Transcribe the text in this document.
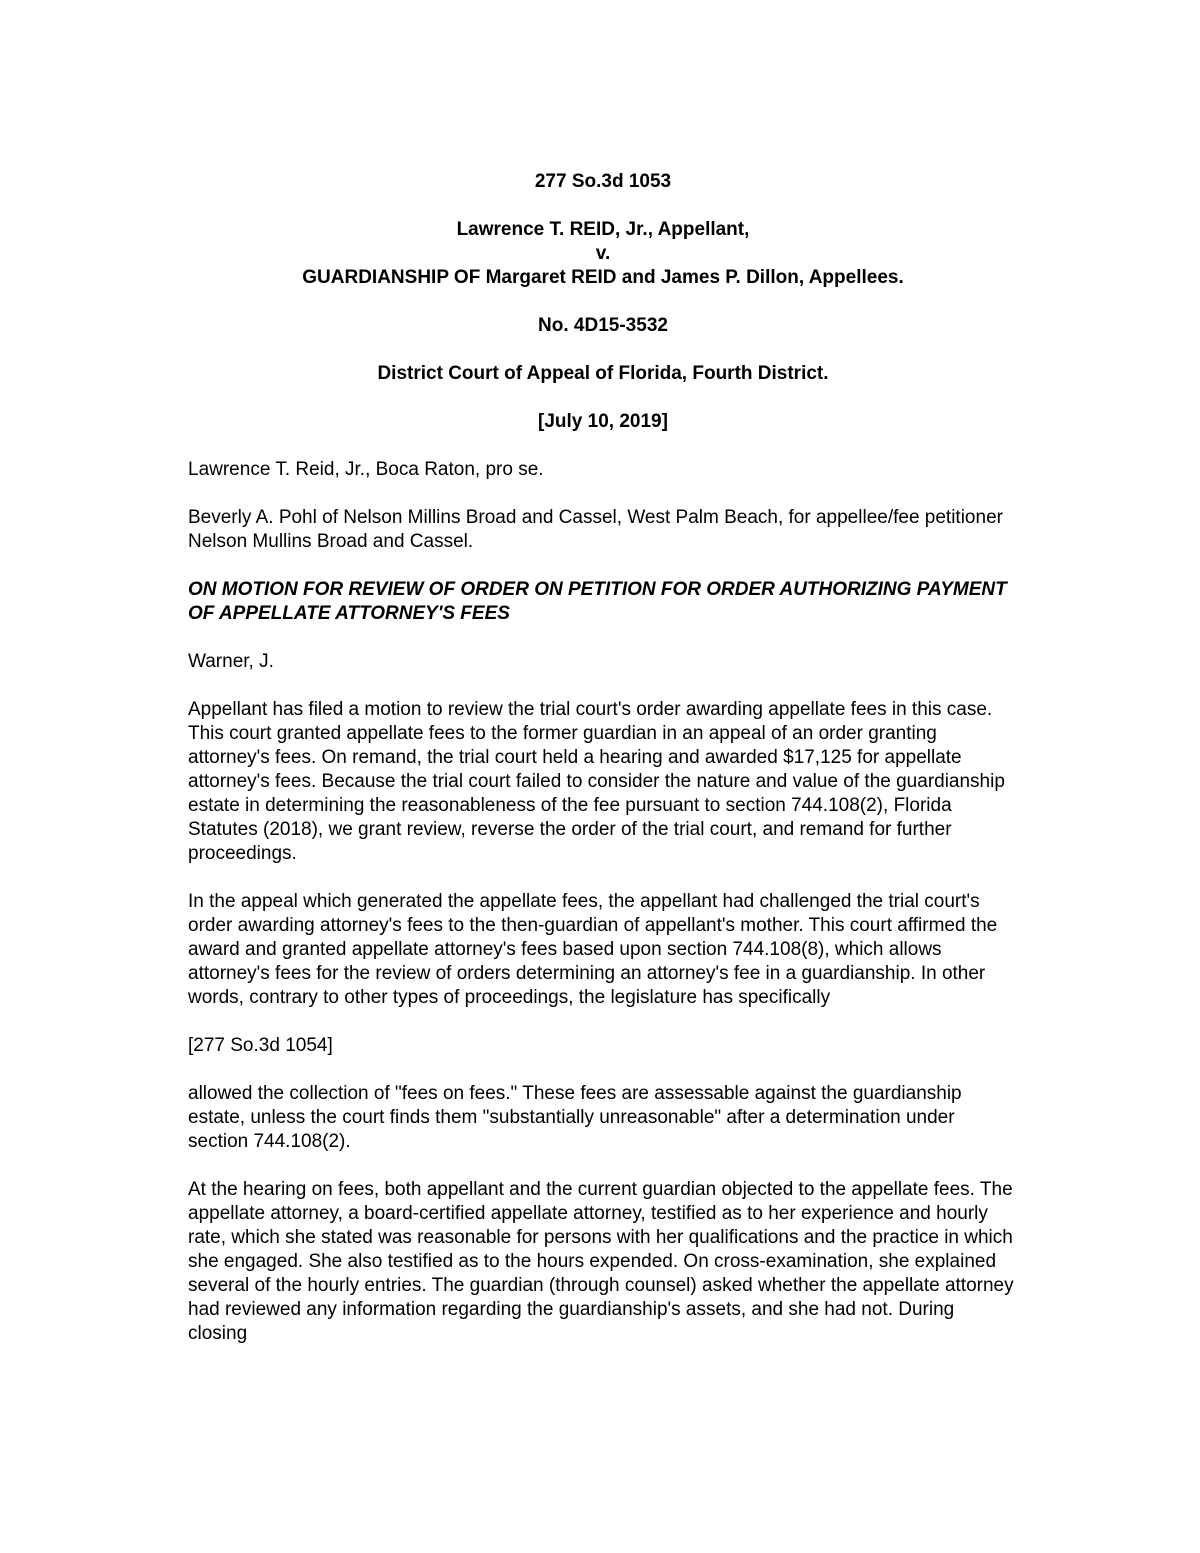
277 So.3d 1053

Lawrence T. REID, Jr., Appellant,

v.

GUARDIANSHIP OF Margaret REID and James P. Dillon, Appellees.

No. 4D15-3532

District Court of Appeal of Florida, Fourth District.

[July 10, 2019]

Lawrence T. Reid, Jr., Boca Raton, pro se.

Beverly A. Pohl of Nelson Millins Broad and Cassel, West Palm Beach, for appellee/fee petitioner Nelson Mullins Broad and Cassel.

ON MOTION FOR REVIEW OF ORDER ON PETITION FOR ORDER AUTHORIZING PAYMENT OF APPELLATE ATTORNEY'S FEES

Warner, J.

Appellant has filed a motion to review the trial court's order awarding appellate fees in this case. This court granted appellate fees to the former guardian in an appeal of an order granting attorney's fees. On remand, the trial court held a hearing and awarded $17,125 for appellate attorney's fees. Because the trial court failed to consider the nature and value of the guardianship estate in determining the reasonableness of the fee pursuant to section 744.108(2), Florida Statutes (2018), we grant review, reverse the order of the trial court, and remand for further proceedings.

In the appeal which generated the appellate fees, the appellant had challenged the trial court's order awarding attorney's fees to the then-guardian of appellant's mother. This court affirmed the award and granted appellate attorney's fees based upon section 744.108(8), which allows attorney's fees for the review of orders determining an attorney's fee in a guardianship. In other words, contrary to other types of proceedings, the legislature has specifically

[277 So.3d 1054]

allowed the collection of "fees on fees." These fees are assessable against the guardianship estate, unless the court finds them "substantially unreasonable" after a determination under section 744.108(2).

At the hearing on fees, both appellant and the current guardian objected to the appellate fees. The appellate attorney, a board-certified appellate attorney, testified as to her experience and hourly rate, which she stated was reasonable for persons with her qualifications and the practice in which she engaged. She also testified as to the hours expended. On cross-examination, she explained several of the hourly entries. The guardian (through counsel) asked whether the appellate attorney had reviewed any information regarding the guardianship's assets, and she had not. During closing
